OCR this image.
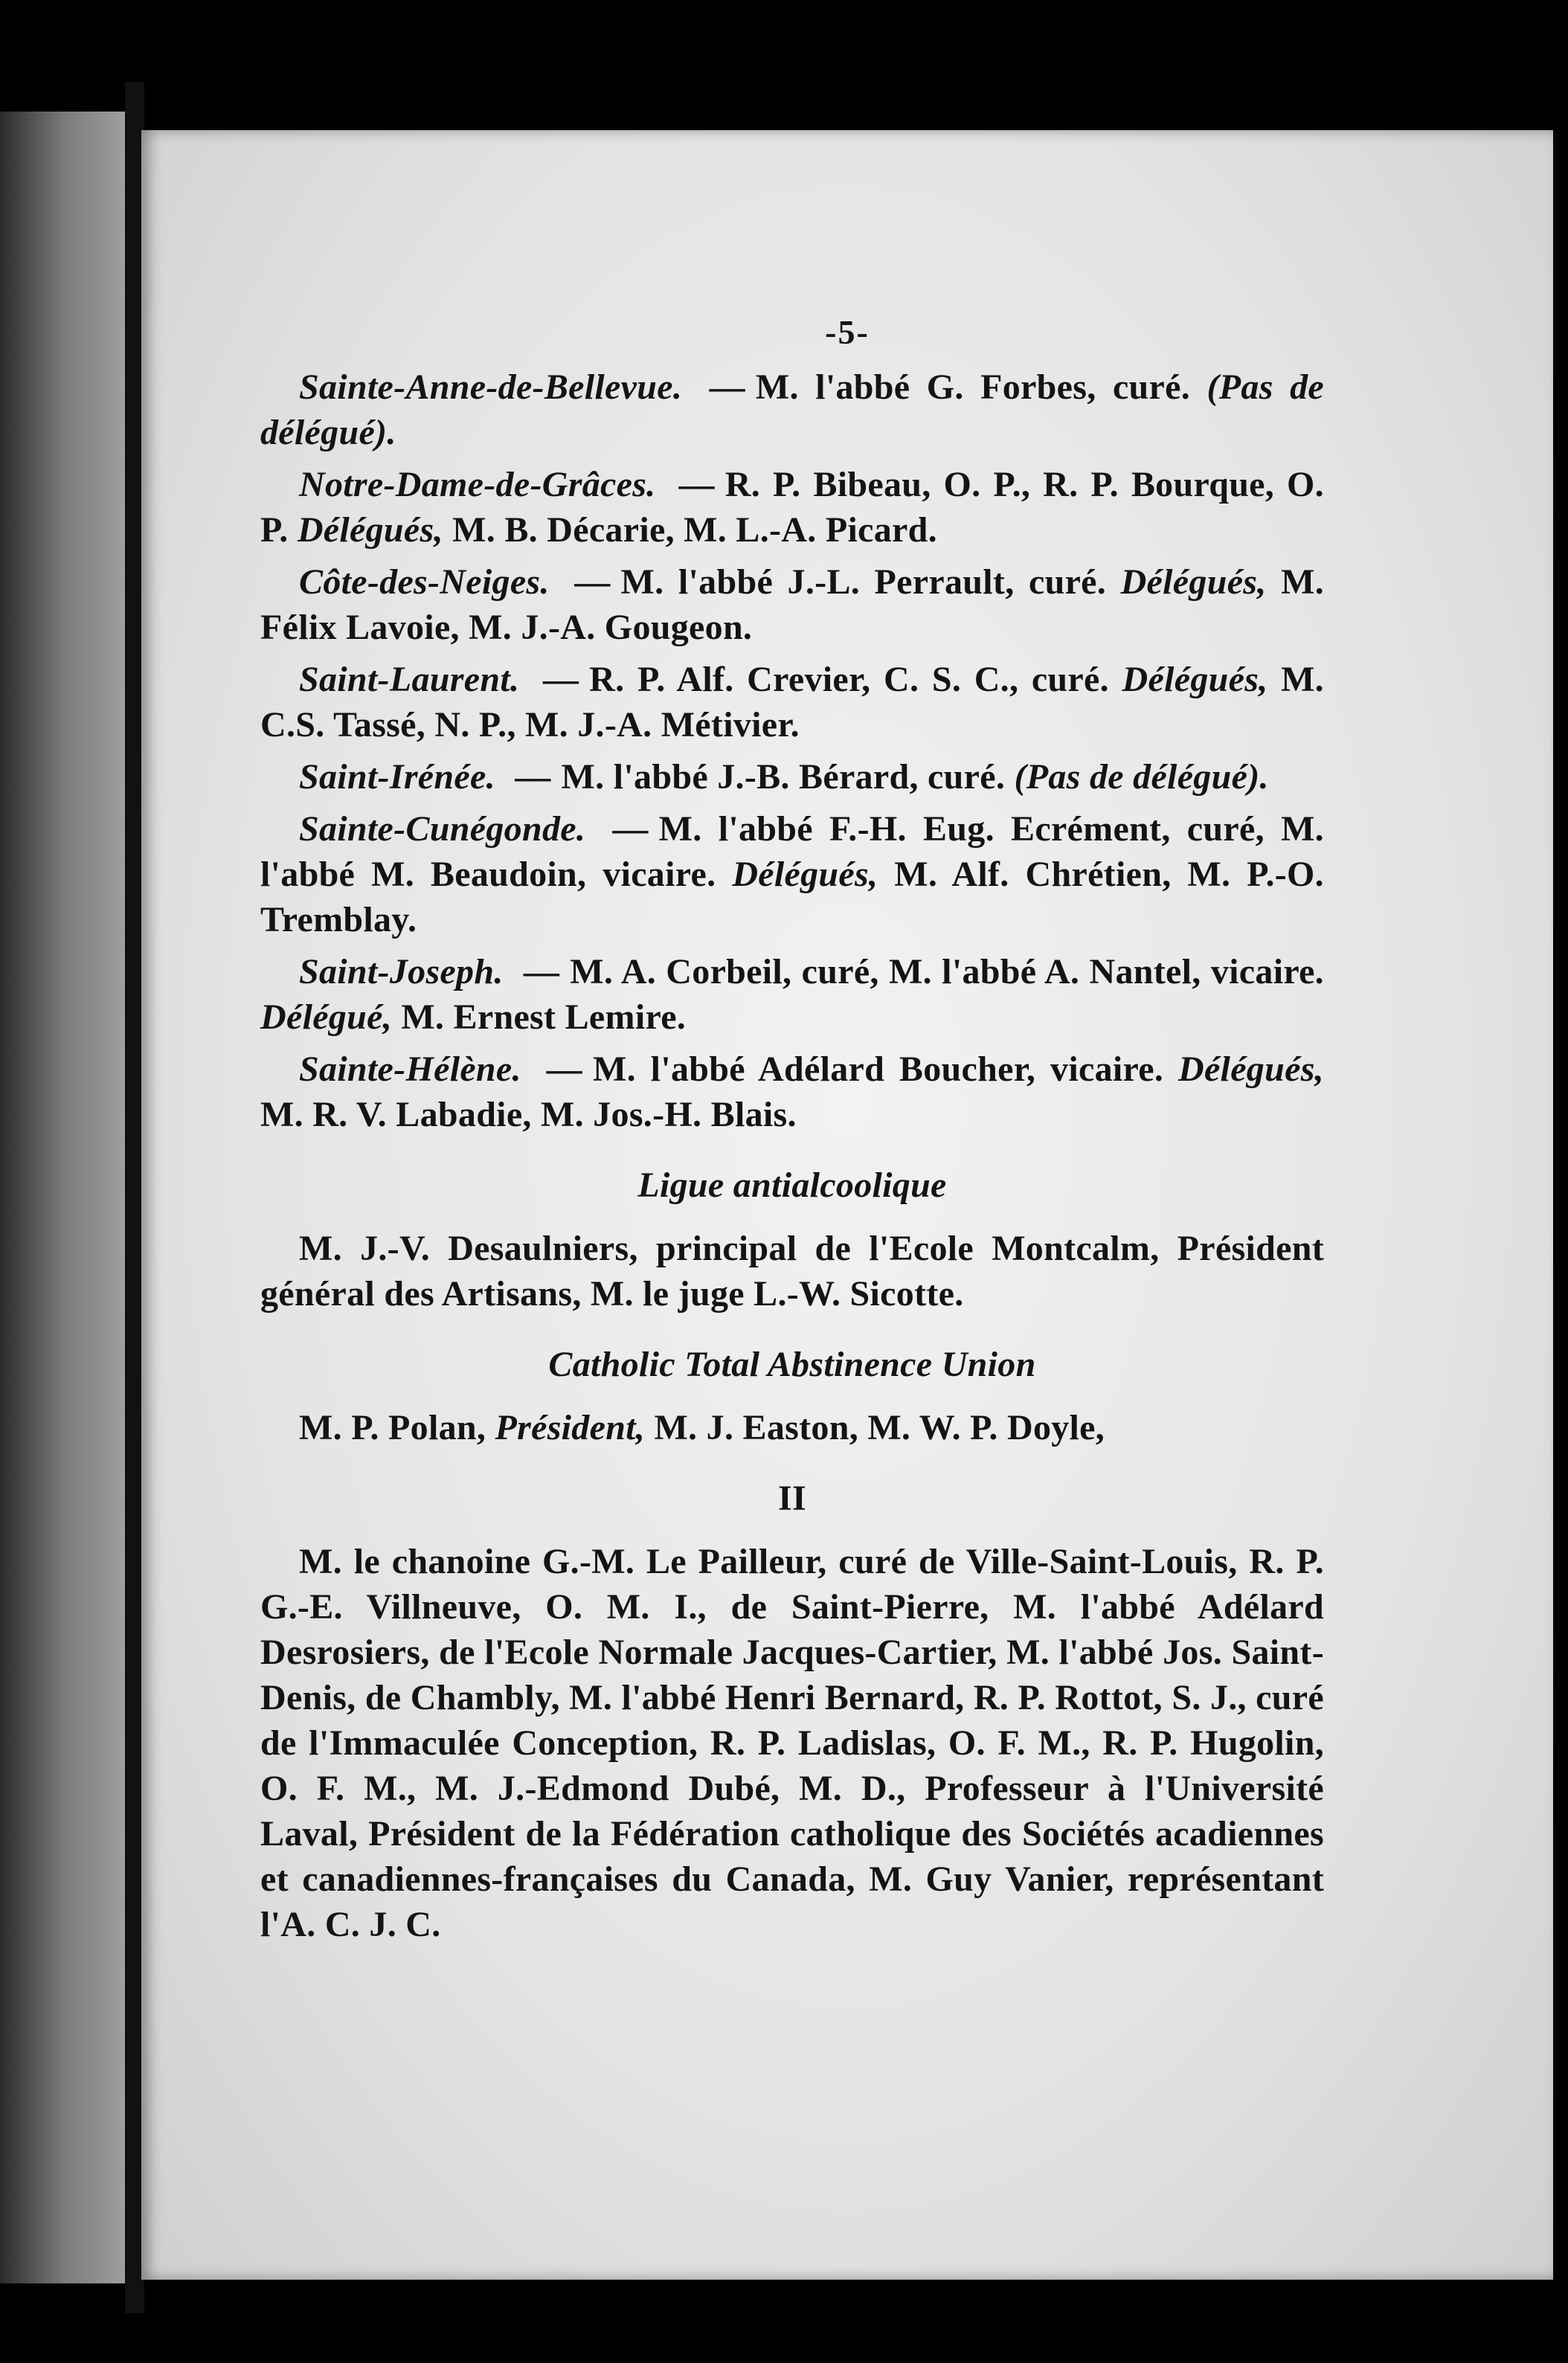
-5-

Sainte-Anne-de-Bellevue. — M. l'abbé G. Forbes, curé. (Pas de délégué).

Notre-Dame-de-Grâces. — R. P. Bibeau, O. P., R. P. Bourque, O. P. Délégués, M. B. Décarie, M. L.-A. Picard.

Côte-des-Neiges. — M. l'abbé J.-L. Perrault, curé. Délégués, M. Félix Lavoie, M. J.-A. Gougeon.

Saint-Laurent. — R. P. Alf. Crevier, C. S. C., curé. Délégués, M. C.S. Tassé, N. P., M. J.-A. Métivier.

Saint-Irénée. — M. l'abbé J.-B. Bérard, curé. (Pas de délégué).

Sainte-Cunégonde. — M. l'abbé F.-H. Eug. Ecrément, curé, M. l'abbé M. Beaudoin, vicaire. Délégués, M. Alf. Chrétien, M. P.-O. Tremblay.

Saint-Joseph. — M. A. Corbeil, curé, M. l'abbé A. Nantel, vicaire. Délégué, M. Ernest Lemire.

Sainte-Hélène. — M. l'abbé Adélard Boucher, vicaire. Délégués, M. R. V. Labadie, M. Jos.-H. Blais.

Ligue antialcoolique

M. J.-V. Desaulniers, principal de l'Ecole Montcalm, Président général des Artisans, M. le juge L.-W. Sicotte.

Catholic Total Abstinence Union

M. P. Polan, Président, M. J. Easton, M. W. P. Doyle,

II

M. le chanoine G.-M. Le Pailleur, curé de Ville-Saint-Louis, R. P. G.-E. Villneuve, O. M. I., de Saint-Pierre, M. l'abbé Adélard Desrosiers, de l'Ecole Normale Jacques-Cartier, M. l'abbé Jos. Saint-Denis, de Chambly, M. l'abbé Henri Bernard, R. P. Rottot, S. J., curé de l'Immaculée Conception, R. P. Ladislas, O. F. M., R. P. Hugolin, O. F. M., M. J.-Edmond Dubé, M. D., Professeur à l'Université Laval, Président de la Fédération catholique des Sociétés acadiennes et canadiennes-françaises du Canada, M. Guy Vanier, représentant l'A. C. J. C.
